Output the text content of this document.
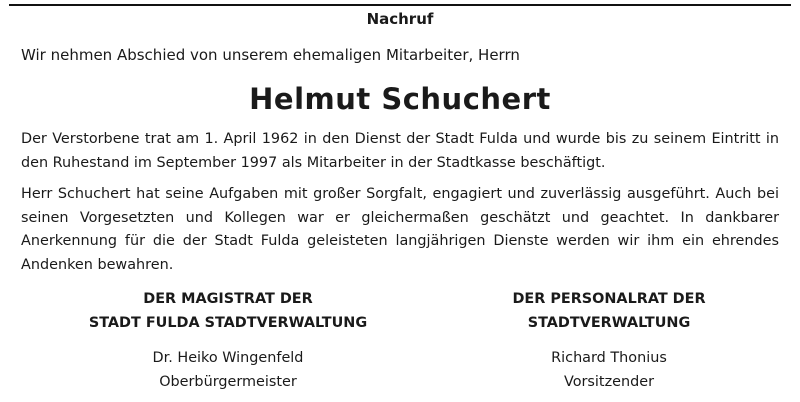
Nachruf
Wir nehmen Abschied von unserem ehemaligen Mitarbeiter, Herrn
Helmut Schuchert
Der Verstorbene trat am 1. April 1962 in den Dienst der Stadt Fulda und wurde bis zu seinem Eintritt in den Ruhestand im September 1997 als Mitarbeiter in der Stadtkasse beschäftigt.
Herr Schuchert hat seine Aufgaben mit großer Sorgfalt, engagiert und zuverlässig ausgeführt. Auch bei seinen Vorgesetzten und Kollegen war er gleichermaßen geschätzt und geachtet. In dankbarer Anerkennung für die der Stadt Fulda geleisteten langjährigen Dienste werden wir ihm ein ehrendes Andenken bewahren.
DER MAGISTRAT DER
STADT FULDA STADTVERWALTUNG
Dr. Heiko Wingenfeld
Oberbürgermeister
DER PERSONALRAT DER
STADTVERWALTUNG
Richard Thonius
Vorsitzender
